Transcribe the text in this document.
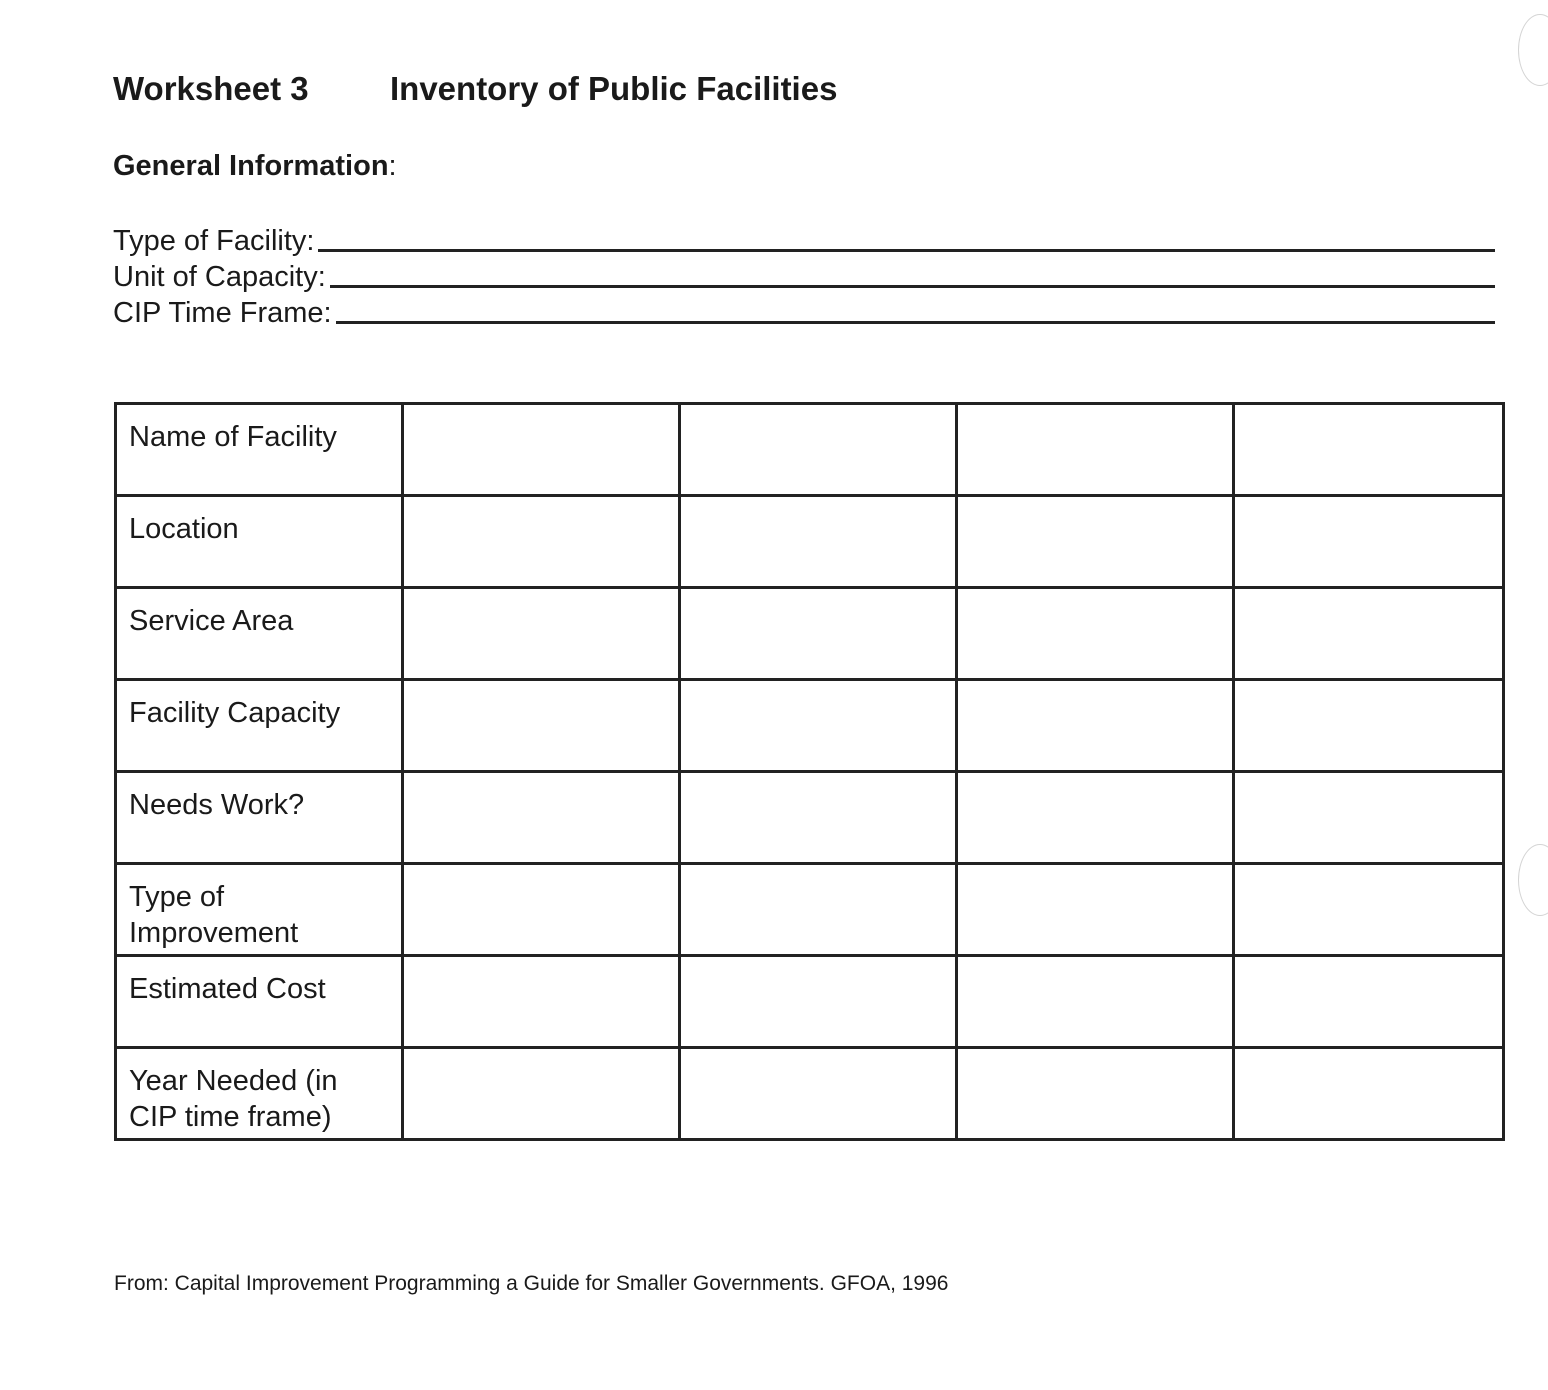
Worksheet 3 Inventory of Public Facilities
General Information:
Type of Facility:
Unit of Capacity:
CIP Time Frame:
Name of Facility				
Location				
Service Area				
Facility Capacity				
Needs Work?				
Type of Improvement				
Estimated Cost				
Year Needed (in CIP time frame)				
From: Capital Improvement Programming a Guide for Smaller Governments. GFOA, 1996
